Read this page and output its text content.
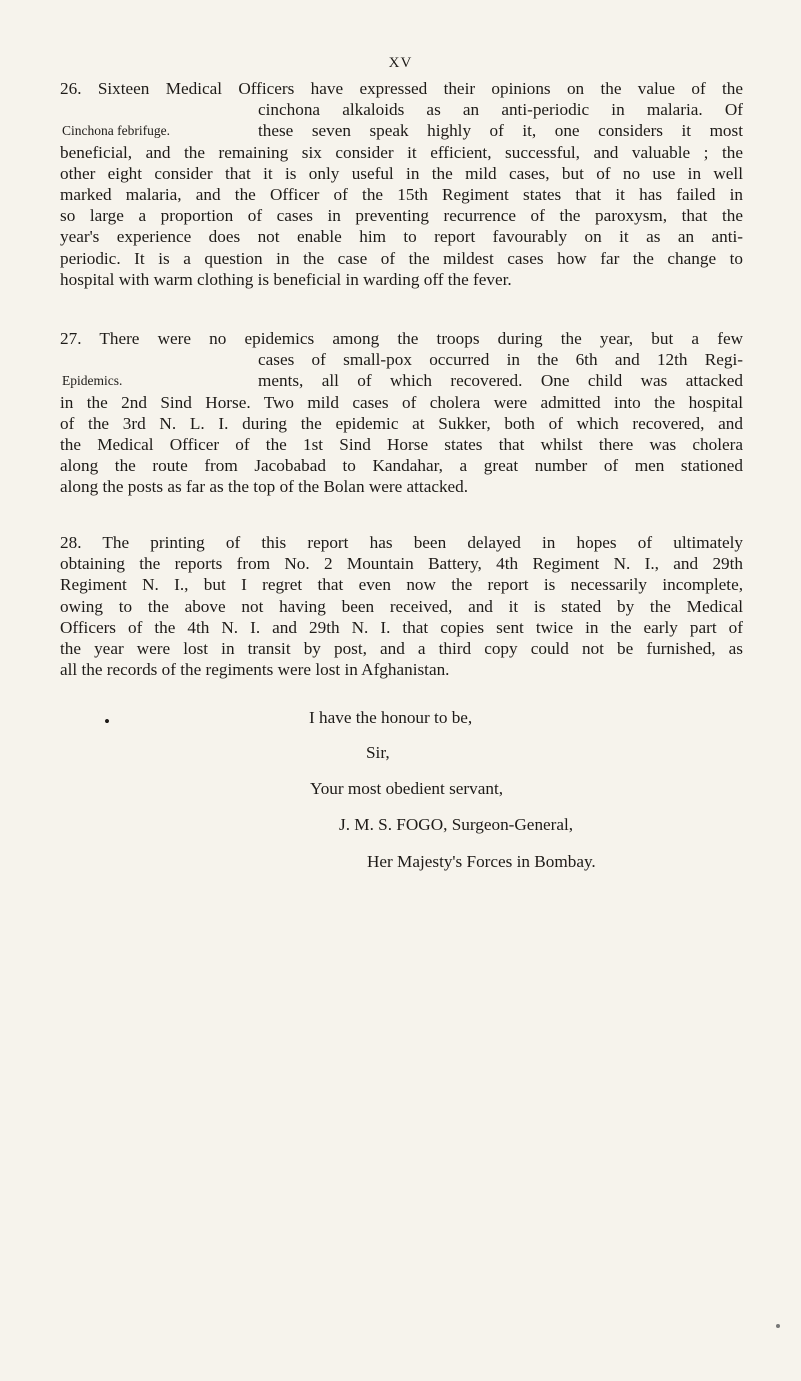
XV
26. Sixteen Medical Officers have expressed their opinions on the value of the
Cinchona febrifuge.
cinchona alkaloids as an anti-periodic in malaria. Of
these seven speak highly of it, one considers it most
beneficial, and the remaining six consider it efficient, successful, and valuable ; the
other eight consider that it is only useful in the mild cases, but of no use in well
marked malaria, and the Officer of the 15th Regiment states that it has failed in
so large a proportion of cases in preventing recurrence of the paroxysm, that the
year's experience does not enable him to report favourably on it as an anti-
periodic. It is a question in the case of the mildest cases how far the change to
hospital with warm clothing is beneficial in warding off the fever.
27. There were no epidemics among the troops during the year, but a few
Epidemics.
cases of small-pox occurred in the 6th and 12th Regi-
ments, all of which recovered. One child was attacked
in the 2nd Sind Horse. Two mild cases of cholera were admitted into the hospital
of the 3rd N. L. I. during the epidemic at Sukker, both of which recovered, and
the Medical Officer of the 1st Sind Horse states that whilst there was cholera
along the route from Jacobabad to Kandahar, a great number of men stationed
along the posts as far as the top of the Bolan were attacked.
28. The printing of this report has been delayed in hopes of ultimately
obtaining the reports from No. 2 Mountain Battery, 4th Regiment N. I., and 29th
Regiment N. I., but I regret that even now the report is necessarily incomplete,
owing to the above not having been received, and it is stated by the Medical
Officers of the 4th N. I. and 29th N. I. that copies sent twice in the early part of
the year were lost in transit by post, and a third copy could not be furnished, as
all the records of the regiments were lost in Afghanistan.
•	I have the honour to be,
Sir,
Your most obedient servant,
J. M. S. FOGO, Surgeon-General,
Her Majesty's Forces in Bombay.
